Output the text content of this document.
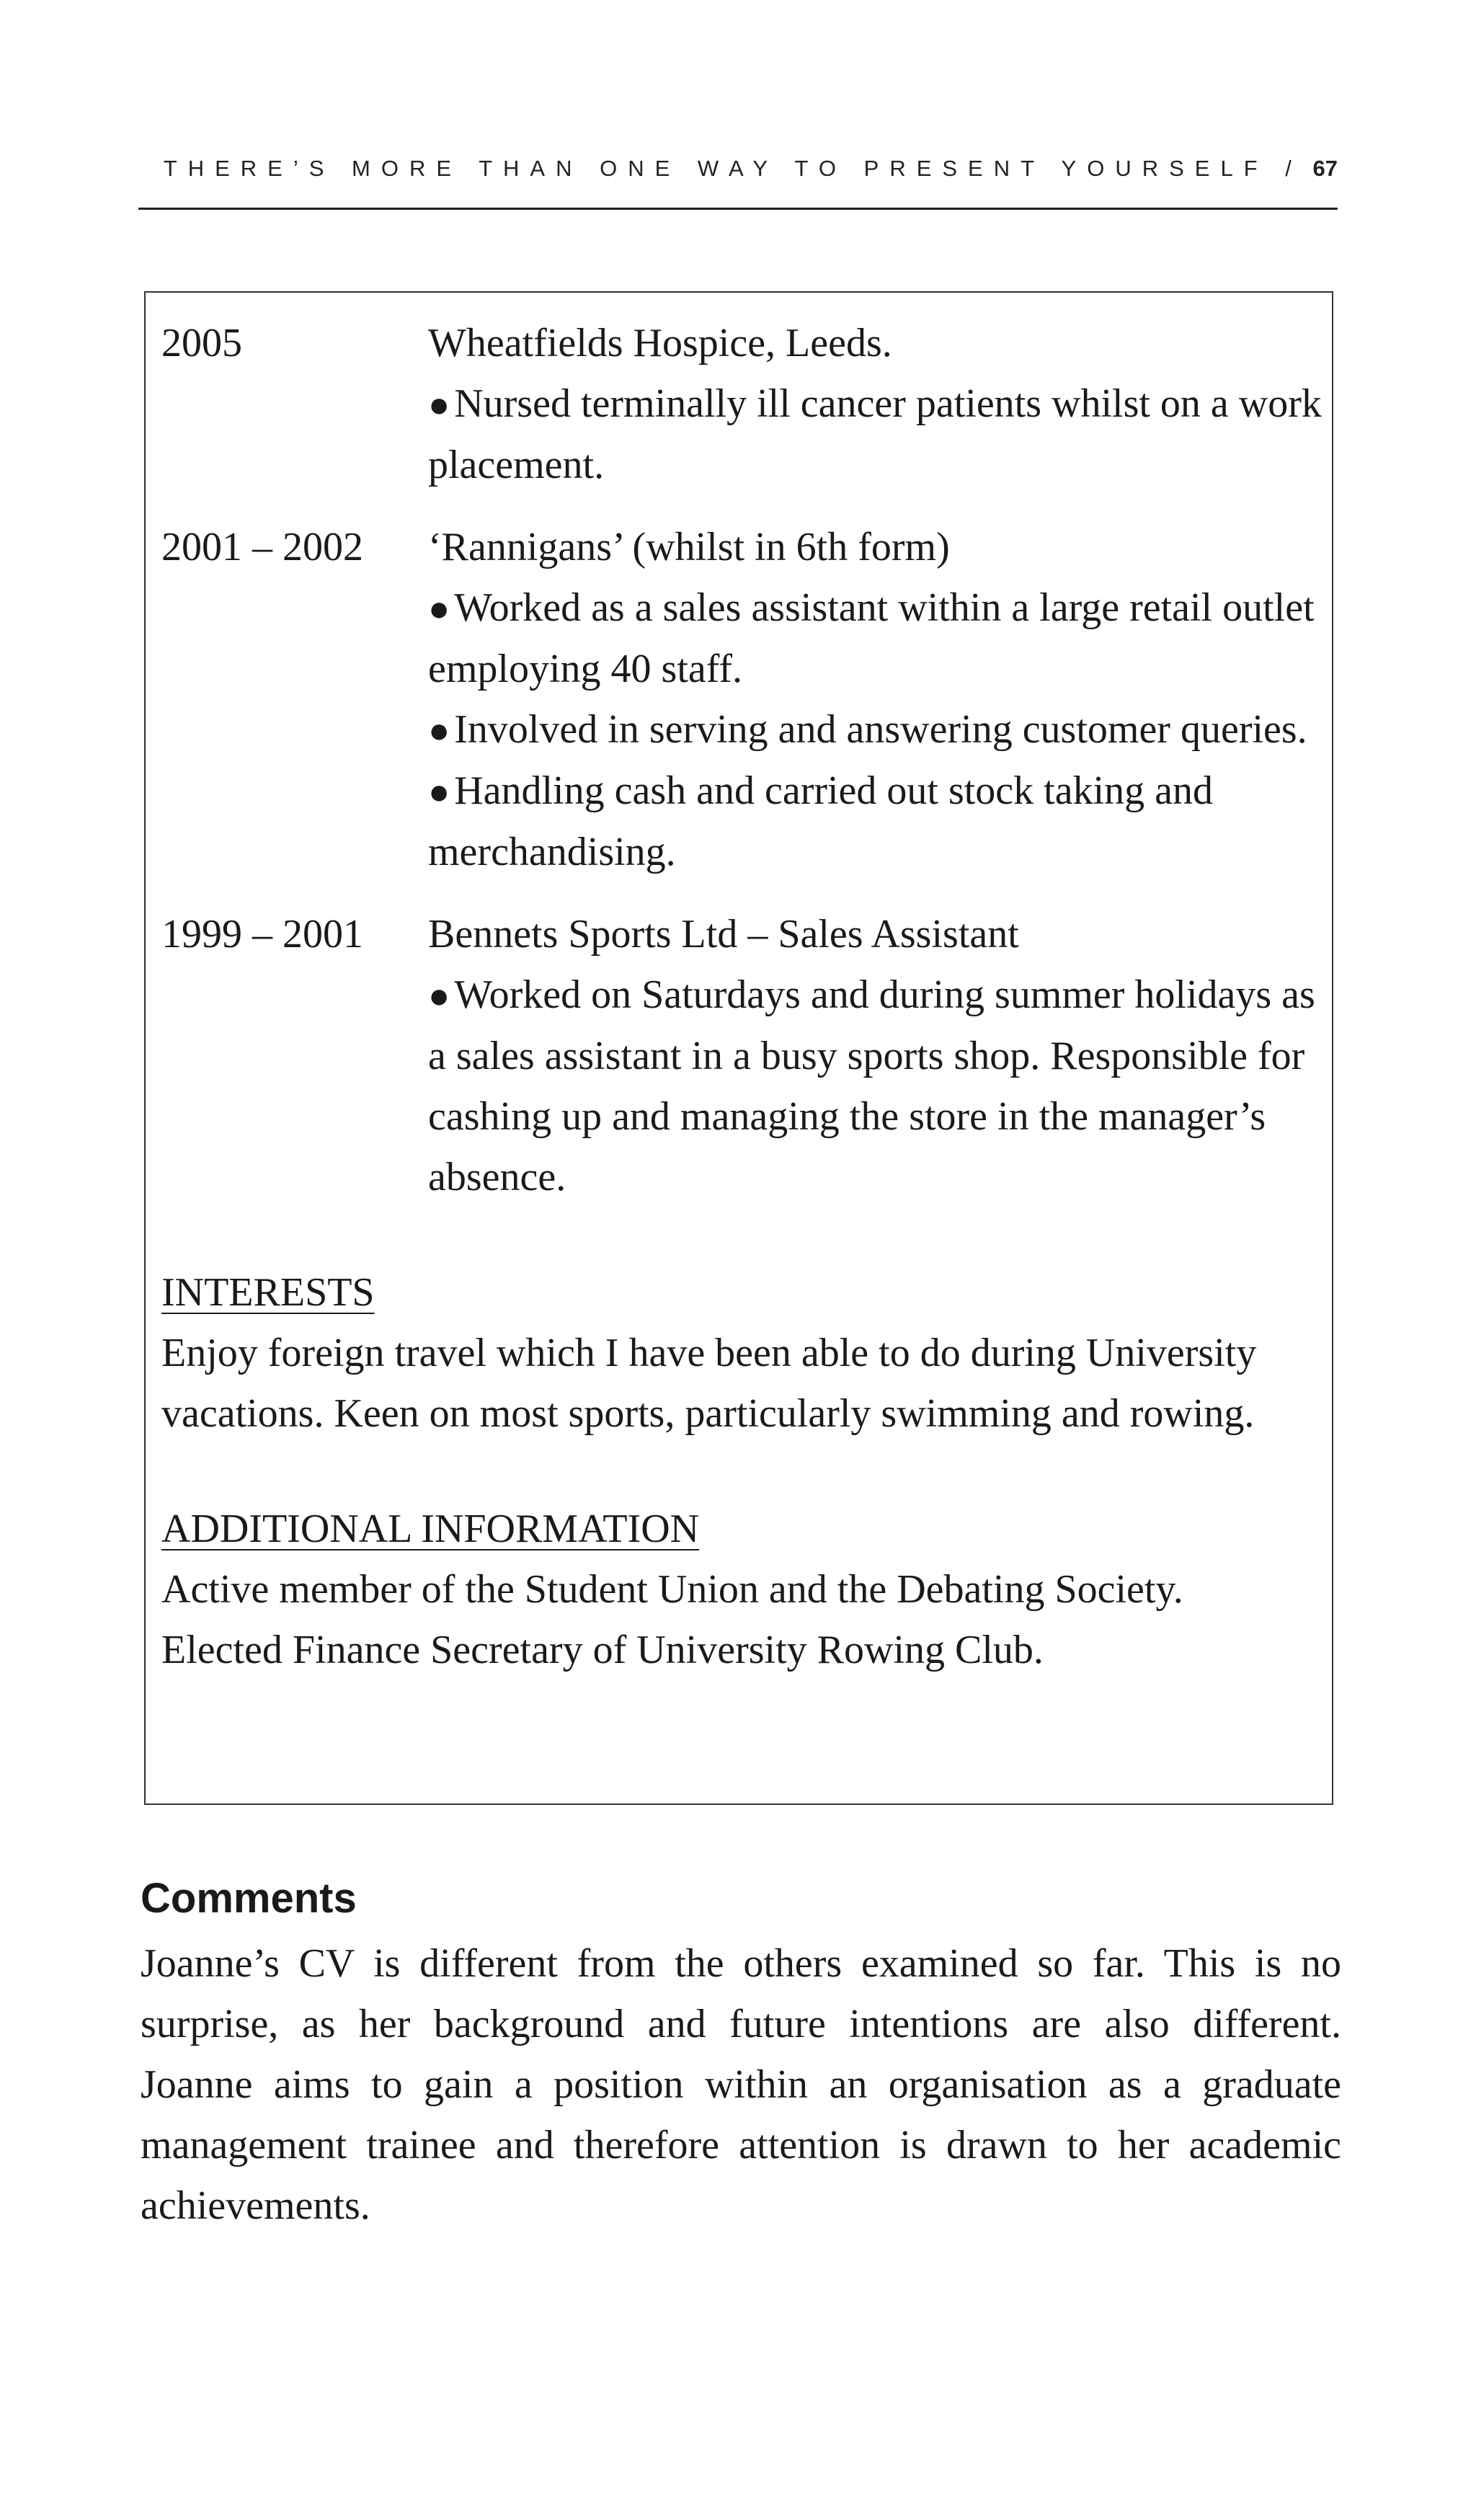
THERE’S MORE THAN ONE WAY TO PRESENT YOURSELF / 67
2005	Wheatfields Hospice, Leeds.
● Nursed terminally ill cancer patients whilst on a work placement.
2001 – 2002	‘Rannigans’ (whilst in 6th form)
● Worked as a sales assistant within a large retail outlet employing 40 staff.
● Involved in serving and answering customer queries.
● Handling cash and carried out stock taking and merchandising.
1999 – 2001	Bennets Sports Ltd – Sales Assistant
● Worked on Saturdays and during summer holidays as a sales assistant in a busy sports shop. Responsible for cashing up and managing the store in the manager’s absence.
INTERESTS
Enjoy foreign travel which I have been able to do during University vacations. Keen on most sports, particularly swimming and rowing.
ADDITIONAL INFORMATION
Active member of the Student Union and the Debating Society.
Elected Finance Secretary of University Rowing Club.
Comments

Joanne’s CV is different from the others examined so far. This is no surprise, as her background and future intentions are also different. Joanne aims to gain a position within an organisation as a graduate management trainee and therefore attention is drawn to her academic achievements.
